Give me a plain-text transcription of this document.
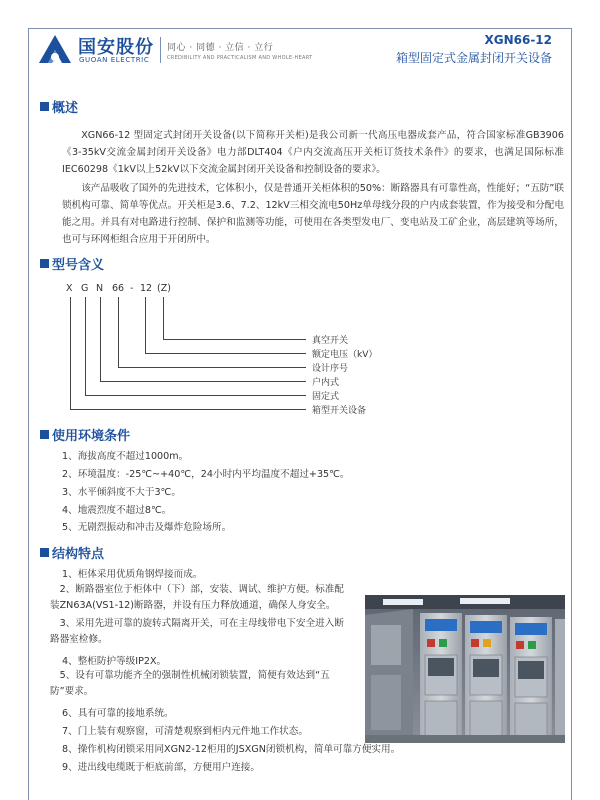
国安股份
GUOAN ELECTRIC
同心 · 同德 · 立信 · 立行
CREDIBILITY AND PRACTICALISM AND WHOLE-HEART
XGN66-12
箱型固定式金属封闭开关设备
概述

XGN66-12 型固定式封闭开关设备(以下简称开关柜)是我公司新一代高压电器成套产品，符合国家标准GB3906《3-35kV交流金属封闭开关设备》电力部DLT404《户内交流高压开关柜订货技术条件》的要求，也满足国际标准IEC60298《1kV以上52kV以下交流金属封闭开关设备和控制设备的要求》。

该产品吸收了国外的先进技术，它体积小，仅是普通开关柜体积的50%：断路器具有可靠性高，性能好；“五防”联锁机构可靠、简单等优点。开关柜是3.6、7.2、12kV三相交流电50Hz单母线分段的户内成套装置，作为接受和分配电能之用。并具有对电路进行控制、保护和监测等功能，可使用在各类型发电厂、变电站及工矿企业，高层建筑等场所，也可与环网柜组合应用于开闭所中。

型号含义
X G N 66 - 12 (Z)
真空开关
额定电压（kV）
设计序号
户内式
固定式
箱型开关设备
使用环境条件
1、海拔高度不超过1000m。
2、环境温度：-25℃~+40℃，24小时内平均温度不超过+35℃。
3、水平倾斜度不大于3℃。
4、地震烈度不超过8℃。
5、无剧烈振动和冲击及爆炸危险场所。
结构特点
1、柜体采用优质角钢焊接而成。

2、断路器室位于柜体中（下）部，安装、调试、维护方便。标准配装ZN63A(VS1-12)断路器，并设有压力释放通道，确保人身安全。

3、采用先进可靠的旋转式隔离开关，可在主母线带电下安全进入断路器室检修。

4、整柜防护等级IP2X。

5、设有可靠功能齐全的强制性机械闭锁装置，简便有效达到“五防”要求。

6、具有可靠的接地系统。
7、门上装有观察窗，可清楚观察到柜内元件地工作状态。
8、操作机构闭锁采用同XGN2-12柜用的JSXGN闭锁机构，简单可靠方便实用。
9、进出线电缆既于柜底前部，方便用户连接。
